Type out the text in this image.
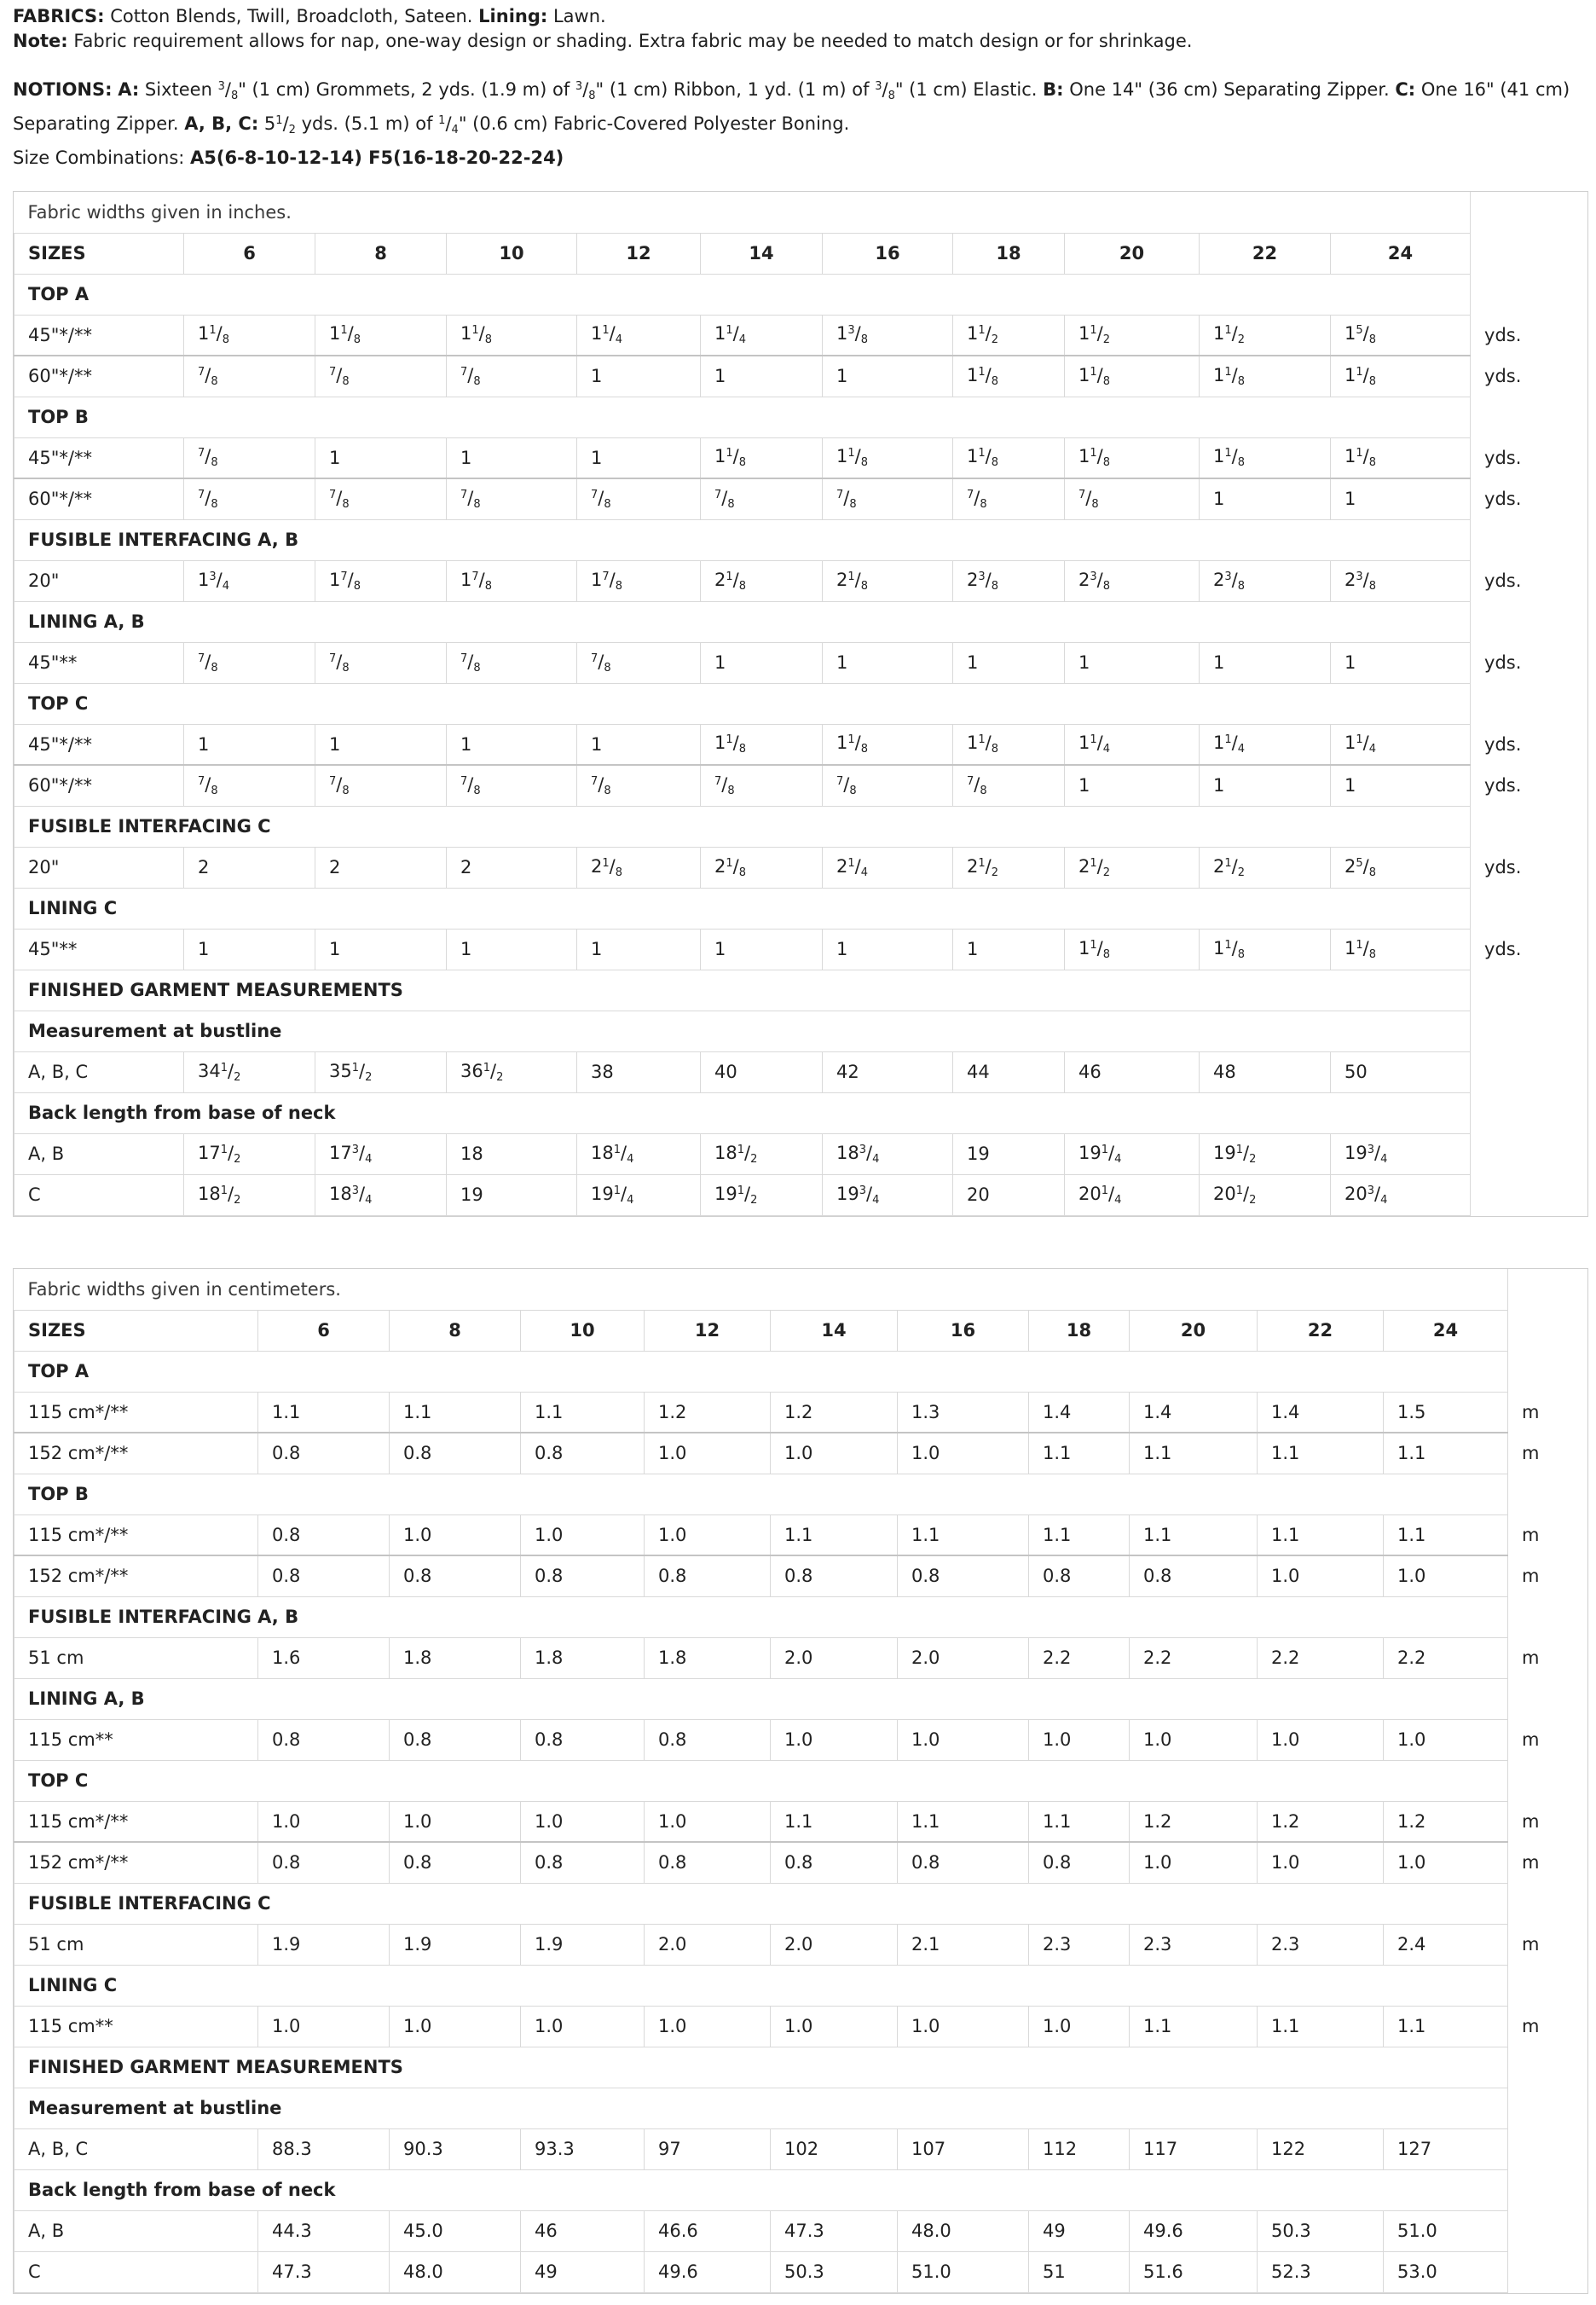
FABRICS: Cotton Blends, Twill, Broadcloth, Sateen. Lining: Lawn.

Note: Fabric requirement allows for nap, one-way design or shading. Extra fabric may be needed to match design or for shrinkage.

NOTIONS: A: Sixteen $^3/_8$" (1 cm) Grommets, 2 yds. (1.9 m) of $^3/_8$" (1 cm) Ribbon, 1 yd. (1 m) of $^3/_8$" (1 cm) Elastic. B: One 14" (36 cm) Separating Zipper. C: One 16" (41 cm) Separating Zipper. A, B, C: $5^1/_2$ yds. (5.1 m) of $^1/_4$" (0.6 cm) Fabric-Covered Polyester Boning.

Size Combinations: A5(6-8-10-12-14) F5(16-18-20-22-24)

Fabric widths given in inches.											
SIZES	6	8	10	12	14	16	18	20	22	24	
TOP A											
45"*/**	$1^1/_8$	$1^1/_8$	$1^1/_8$	$1^1/_4$	$1^1/_4$	$1^3/_8$	$1^1/_2$	$1^1/_2$	$1^1/_2$	$1^5/_8$	yds.
60"*/**	$^7/_8$	$^7/_8$	$^7/_8$	1	1	1	$1^1/_8$	$1^1/_8$	$1^1/_8$	$1^1/_8$	yds.
TOP B											
45"*/**	$^7/_8$	1	1	1	$1^1/_8$	$1^1/_8$	$1^1/_8$	$1^1/_8$	$1^1/_8$	$1^1/_8$	yds.
60"*/**	$^7/_8$	$^7/_8$	$^7/_8$	$^7/_8$	$^7/_8$	$^7/_8$	$^7/_8$	$^7/_8$	1	1	yds.
FUSIBLE INTERFACING A, B											
20"	$1^3/_4$	$1^7/_8$	$1^7/_8$	$1^7/_8$	$2^1/_8$	$2^1/_8$	$2^3/_8$	$2^3/_8$	$2^3/_8$	$2^3/_8$	yds.
LINING A, B											
45"**	$^7/_8$	$^7/_8$	$^7/_8$	$^7/_8$	1	1	1	1	1	1	yds.
TOP C											
45"*/**	1	1	1	1	$1^1/_8$	$1^1/_8$	$1^1/_8$	$1^1/_4$	$1^1/_4$	$1^1/_4$	yds.
60"*/**	$^7/_8$	$^7/_8$	$^7/_8$	$^7/_8$	$^7/_8$	$^7/_8$	$^7/_8$	1	1	1	yds.
FUSIBLE INTERFACING C											
20"	2	2	2	$2^1/_8$	$2^1/_8$	$2^1/_4$	$2^1/_2$	$2^1/_2$	$2^1/_2$	$2^5/_8$	yds.
LINING C											
45"**	1	1	1	1	1	1	1	$1^1/_8$	$1^1/_8$	$1^1/_8$	yds.
FINISHED GARMENT MEASUREMENTS											
Measurement at bustline											
A, B, C	$34^1/_2$	$35^1/_2$	$36^1/_2$	38	40	42	44	46	48	50	
Back length from base of neck											
A, B	$17^1/_2$	$17^3/_4$	18	$18^1/_4$	$18^1/_2$	$18^3/_4$	19	$19^1/_4$	$19^1/_2$	$19^3/_4$	
C	$18^1/_2$	$18^3/_4$	19	$19^1/_4$	$19^1/_2$	$19^3/_4$	20	$20^1/_4$	$20^1/_2$	$20^3/_4$	
Fabric widths given in centimeters.											
SIZES	6	8	10	12	14	16	18	20	22	24	
TOP A											
115 cm*/**	1.1	1.1	1.1	1.2	1.2	1.3	1.4	1.4	1.4	1.5	m
152 cm*/**	0.8	0.8	0.8	1.0	1.0	1.0	1.1	1.1	1.1	1.1	m
TOP B											
115 cm*/**	0.8	1.0	1.0	1.0	1.1	1.1	1.1	1.1	1.1	1.1	m
152 cm*/**	0.8	0.8	0.8	0.8	0.8	0.8	0.8	0.8	1.0	1.0	m
FUSIBLE INTERFACING A, B											
51 cm	1.6	1.8	1.8	1.8	2.0	2.0	2.2	2.2	2.2	2.2	m
LINING A, B											
115 cm**	0.8	0.8	0.8	0.8	1.0	1.0	1.0	1.0	1.0	1.0	m
TOP C											
115 cm*/**	1.0	1.0	1.0	1.0	1.1	1.1	1.1	1.2	1.2	1.2	m
152 cm*/**	0.8	0.8	0.8	0.8	0.8	0.8	0.8	1.0	1.0	1.0	m
FUSIBLE INTERFACING C											
51 cm	1.9	1.9	1.9	2.0	2.0	2.1	2.3	2.3	2.3	2.4	m
LINING C											
115 cm**	1.0	1.0	1.0	1.0	1.0	1.0	1.0	1.1	1.1	1.1	m
FINISHED GARMENT MEASUREMENTS											
Measurement at bustline											
A, B, C	88.3	90.3	93.3	97	102	107	112	117	122	127	
Back length from base of neck											
A, B	44.3	45.0	46	46.6	47.3	48.0	49	49.6	50.3	51.0	
C	47.3	48.0	49	49.6	50.3	51.0	51	51.6	52.3	53.0	
